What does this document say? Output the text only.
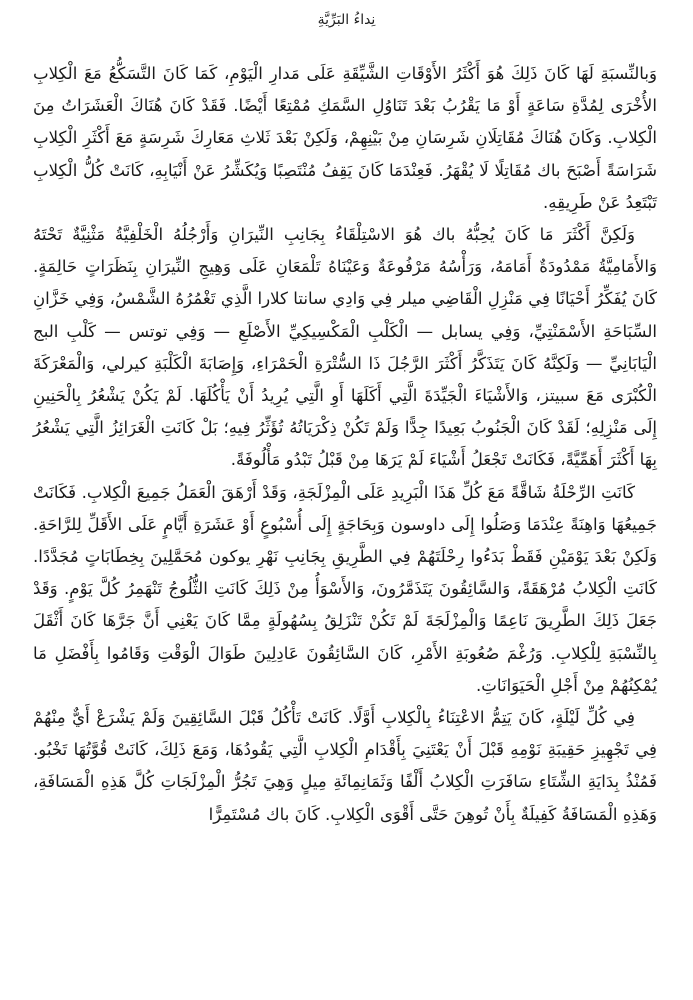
نِداءُ البَرِّيَّةِ

وَبالنِّسبَةِ لَهَا كَانَ ذَلِكَ هُوَ أَكْثَرُ الأَوْقَاتِ الشَّيِّقَةِ عَلَى مَدارِ الْيَوْمِ، كَمَا كَانَ التَّسَكُّعُ مَعَ الْكِلابِ الأُخْرَى لِمُدَّةِ سَاعَةٍ أَوْ مَا يَقْرُبُ بَعْدَ تَنَاوُلِ السَّمَكِ مُمْتِعًا أَيْضًا. فَقَدْ كَانَ هُنَاكَ الْعَشَرَاتُ مِنَ الْكِلابِ. وَكَانَ هُنَاكَ مُقَاتِلَانِ شَرِسَانِ مِنْ بَيْنِهِمْ، وَلَكِنْ بَعْدَ ثَلاثِ مَعَارِكَ شَرِسَةٍ مَعَ أَكْثَرِ الْكِلابِ شَرَاسَةً أَصْبَحَ باك مُقَاتِلًا لَا يُقْهَرُ. فَعِنْدَمَا كَانَ يَقِفُ مُنْتَصِبًا وَيُكَشِّرُ عَنْ أَنْيَابِهِ، كَانَتْ كُلُّ الْكِلابِ تَبْتَعِدُ عَنْ طَرِيقِهِ.

وَلَكِنَّ أَكْثَرَ مَا كَانَ يُحِبُّهُ باك هُوَ الاسْتِلْقَاءُ بِجَانِبِ النِّيرَانِ وَأَرْجُلُهُ الْخَلْفِيَّةُ مَثْنِيَّةٌ تَحْتَهُ وَالأَمَامِيَّةُ مَمْدُودَةٌ أَمَامَهُ، وَرَأْسُهُ مَرْفُوعَةٌ وَعَيْنَاهُ تَلْمَعَانِ عَلَى وَهِيجِ النِّيرَانِ بِنَظَرَاتٍ حَالِمَةٍ. كَانَ يُفَكِّرُ أَحْيَانًا فِي مَنْزِلِ الْقَاضِي ميلر فِي وَادِي سانتا كلارا الَّذِي تَغْمُرُهُ الشَّمْسُ، وَفِي خَزَّانِ السِّبَاحَةِ الأَسْمَنْتِيِّ، وَفِي يسابل — الْكَلْبِ الْمَكْسِيكِيِّ الأَصْلَعِ — وَفِي توتس — كَلْبِ البج الْيَابَانِيِّ — وَلَكِنَّهُ كَانَ يَتَذَكَّرُ أَكْثَرَ الرَّجُلَ ذَا السُّتْرَةِ الْحَمْرَاءِ، وَإِصَابَةَ الْكَلْبَةِ كيرلي، وَالْمَعْرَكَةَ الْكُبْرَى مَعَ سبيتز، وَالأَشْيَاءَ الْجَيِّدَةَ الَّتِي أَكَلَهَا أَوِ الَّتِي يُرِيدُ أَنْ يَأْكُلَهَا. لَمْ يَكُنْ يَشْعُرُ بِالْحَنِينِ إِلَى مَنْزِلِهِ؛ لَقَدْ كَانَ الْجَنُوبُ بَعِيدًا جِدًّا وَلَمْ تَكُنْ ذِكْرَيَاتُهُ تُؤَثِّرُ فِيهِ؛ بَلْ كَانَتِ الْغَرَائِزُ الَّتِي يَشْعُرُ بِهَا أَكْثَرَ أَهَمِّيَّةً، فَكَانَتْ تَجْعَلُ أَشْيَاءَ لَمْ يَرَهَا مِنْ قَبْلُ تَبْدُو مَأْلُوفَةً.

كَانَتِ الرِّحْلَةُ شَاقَّةً مَعَ كُلِّ هَذَا الْبَرِيدِ عَلَى الْمِزْلَجَةِ، وَقَدْ أَرْهَقَ الْعَمَلُ جَمِيعَ الْكِلابِ. فَكَانَتْ جَمِيعُهَا وَاهِنَةً عِنْدَمَا وَصَلُوا إِلَى داوسون وَبِحَاجَةٍ إِلَى أُسْبُوعٍ أَوْ عَشَرَةِ أَيَّامٍ عَلَى الأَقَلِّ لِلرَّاحَةِ. وَلَكِنْ بَعْدَ يَوْمَيْنِ فَقَطْ بَدَءُوا رِحْلَتَهُمْ فِي الطَّرِيقِ بِجَانِبِ نَهْرِ يوكون مُحَمَّلِينَ بِخِطَابَاتٍ مُجَدَّدًا. كَانَتِ الْكِلابُ مُرْهَقَةً، وَالسَّائِقُونَ يَتَذَمَّرُونَ، وَالأَسْوَأُ مِنْ ذَلِكَ كَانَتِ الثُّلُوجُ تَنْهَمِرُ كُلَّ يَوْمٍ. وَقَدْ جَعَلَ ذَلِكَ الطَّرِيقَ نَاعِمًا وَالْمِزْلَجَةَ لَمْ تَكُنْ تَنْزَلِقُ بِسُهُولَةٍ مِمَّا كَانَ يَعْنِي أَنَّ جَرَّهَا كَانَ أَثْقَلَ بِالنِّسْبَةِ لِلْكِلابِ. وَرُغْمَ صُعُوبَةِ الأَمْرِ، كَانَ السَّائِقُونَ عَادِلِينَ طَوَالَ الْوَقْتِ وَقَامُوا بِأَفْضَلِ مَا يُمْكِنُهُمْ مِنْ أَجْلِ الْحَيَوَانَاتِ.

فِي كُلِّ لَيْلَةٍ، كَانَ يَتِمُّ الاعْتِنَاءُ بِالْكِلابِ أَوَّلًا. كَانَتْ تَأْكُلُ قَبْلَ السَّائِقِينَ وَلَمْ يَشْرَعْ أَيٌّ مِنْهُمْ فِي تَجْهِيزِ حَقِيبَةِ نَوْمِهِ قَبْلَ أَنْ يَعْتَنِيَ بِأَقْدَامِ الْكِلابِ الَّتِي يَقُودُهَا، وَمَعَ ذَلِكَ، كَانَتْ قُوَّتُهَا تَخْبُو. فَمُنْذُ بِدَايَةِ الشِّتَاءِ سَافَرَتِ الْكِلابُ أَلْفًا وَثَمَانِمِائَةِ مِيلٍ وَهِيَ تَجُرُّ الْمِزْلَجَاتِ كُلَّ هَذِهِ الْمَسَافَةِ، وَهَذِهِ الْمَسَافَةُ كَفِيلَةٌ بِأَنْ تُوهِنَ حَتَّى أَقْوَى الْكِلابِ. كَانَ باك مُسْتَمِرًّا
